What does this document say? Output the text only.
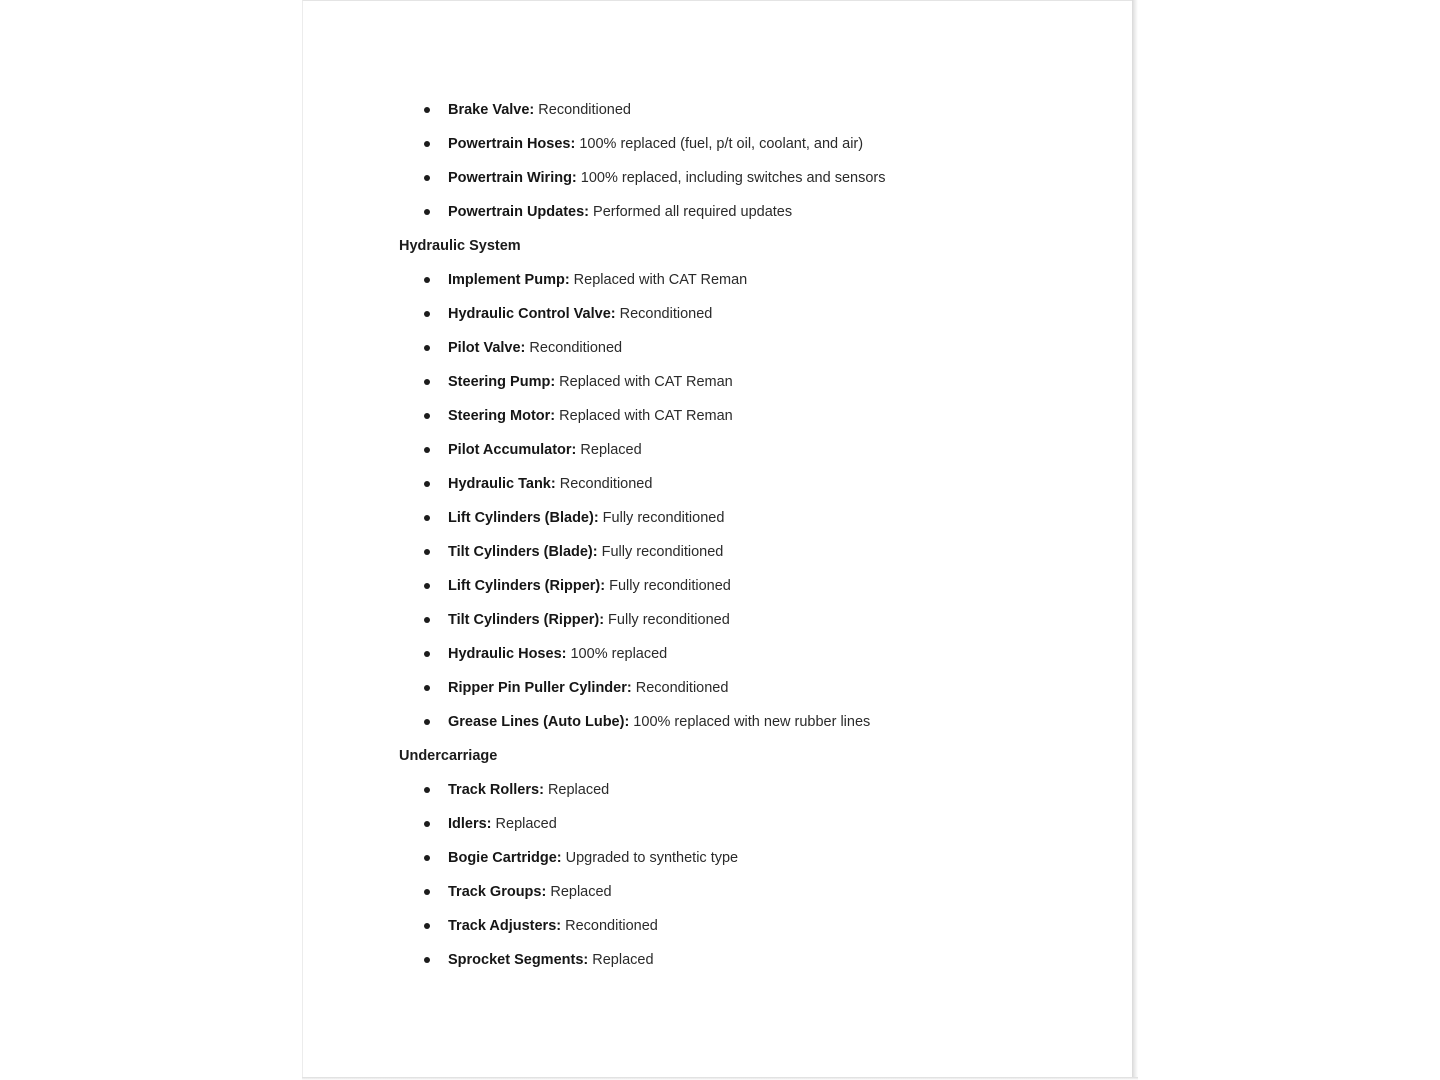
Brake Valve: Reconditioned
Powertrain Hoses: 100% replaced (fuel, p/t oil, coolant, and air)
Powertrain Wiring: 100% replaced, including switches and sensors
Powertrain Updates: Performed all required updates
Hydraulic System
Implement Pump: Replaced with CAT Reman
Hydraulic Control Valve: Reconditioned
Pilot Valve: Reconditioned
Steering Pump: Replaced with CAT Reman
Steering Motor: Replaced with CAT Reman
Pilot Accumulator: Replaced
Hydraulic Tank: Reconditioned
Lift Cylinders (Blade): Fully reconditioned
Tilt Cylinders (Blade): Fully reconditioned
Lift Cylinders (Ripper): Fully reconditioned
Tilt Cylinders (Ripper): Fully reconditioned
Hydraulic Hoses: 100% replaced
Ripper Pin Puller Cylinder: Reconditioned
Grease Lines (Auto Lube): 100% replaced with new rubber lines
Undercarriage
Track Rollers: Replaced
Idlers: Replaced
Bogie Cartridge: Upgraded to synthetic type
Track Groups: Replaced
Track Adjusters: Reconditioned
Sprocket Segments: Replaced
